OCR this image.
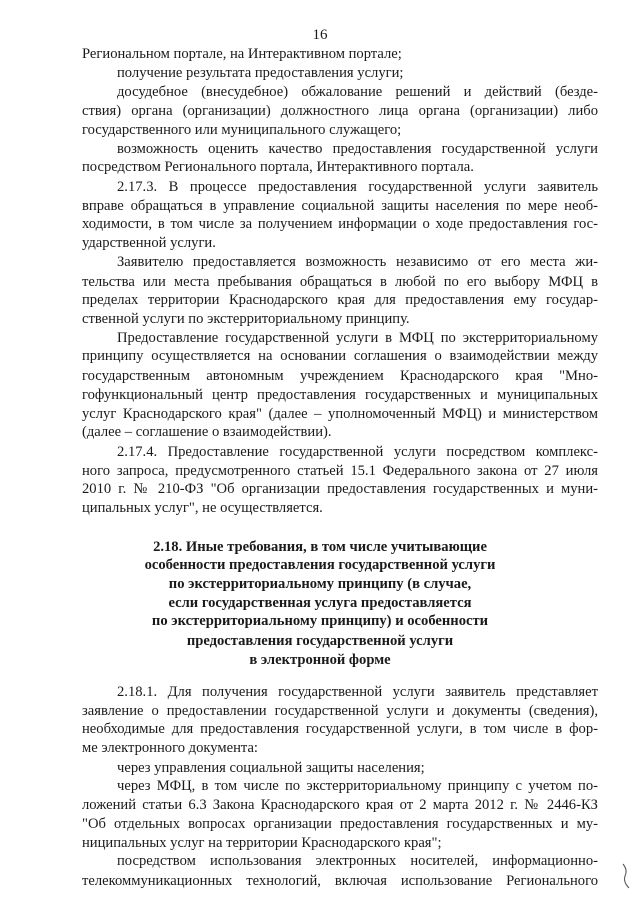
16
Региональном портале, на Интерактивном портале;
получение результата предоставления услуги;
досудебное (внесудебное) обжалование решений и действий (безде-
ствия) органа (организации) должностного лица органа (организации) либо
государственного или муниципального служащего;
возможность оценить качество предоставления государственной услуги
посредством Регионального портала, Интерактивного портала.
2.17.3. В процессе предоставления государственной услуги заявитель
вправе обращаться в управление социальной защиты населения по мере необ-
ходимости, в том числе за получением информации о ходе предоставления гос-
ударственной услуги.
Заявителю предоставляется возможность независимо от его места жи-
тельства или места пребывания обращаться в любой по его выбору МФЦ в
пределах территории Краснодарского края для предоставления ему государ-
ственной услуги по экстерриториальному принципу.
Предоставление государственной услуги в МФЦ по экстерриториальному
принципу осуществляется на основании соглашения о взаимодействии между
государственным автономным учреждением Краснодарского края "Мно-
гофункциональный центр предоставления государственных и муниципальных
услуг Краснодарского края" (далее – уполномоченный МФЦ) и министерством
(далее – соглашение о взаимодействии).
2.17.4. Предоставление государственной услуги посредством комплекс-
ного запроса, предусмотренного статьей 15.1 Федерального закона от 27 июля
2010 г. № 210-ФЗ "Об организации предоставления государственных и муни-
ципальных услуг", не осуществляется.
2.18. Иные требования, в том числе учитывающие
особенности предоставления государственной услуги
по экстерриториальному принципу (в случае,
если государственная услуга предоставляется
по экстерриториальному принципу) и особенности
предоставления государственной услуги
в электронной форме
2.18.1. Для получения государственной услуги заявитель представляет
заявление о предоставлении государственной услуги и документы (сведения),
необходимые для предоставления государственной услуги, в том числе в фор-
ме электронного документа:
через управления социальной защиты населения;
через МФЦ, в том числе по экстерриториальному принципу с учетом по-
ложений статьи 6.3 Закона Краснодарского края от 2 марта 2012 г. № 2446-КЗ
"Об отдельных вопросах организации предоставления государственных и му-
ниципальных услуг на территории Краснодарского края";
посредством использования электронных носителей, информационно-
телекоммуникационных технологий, включая использование Регионального
